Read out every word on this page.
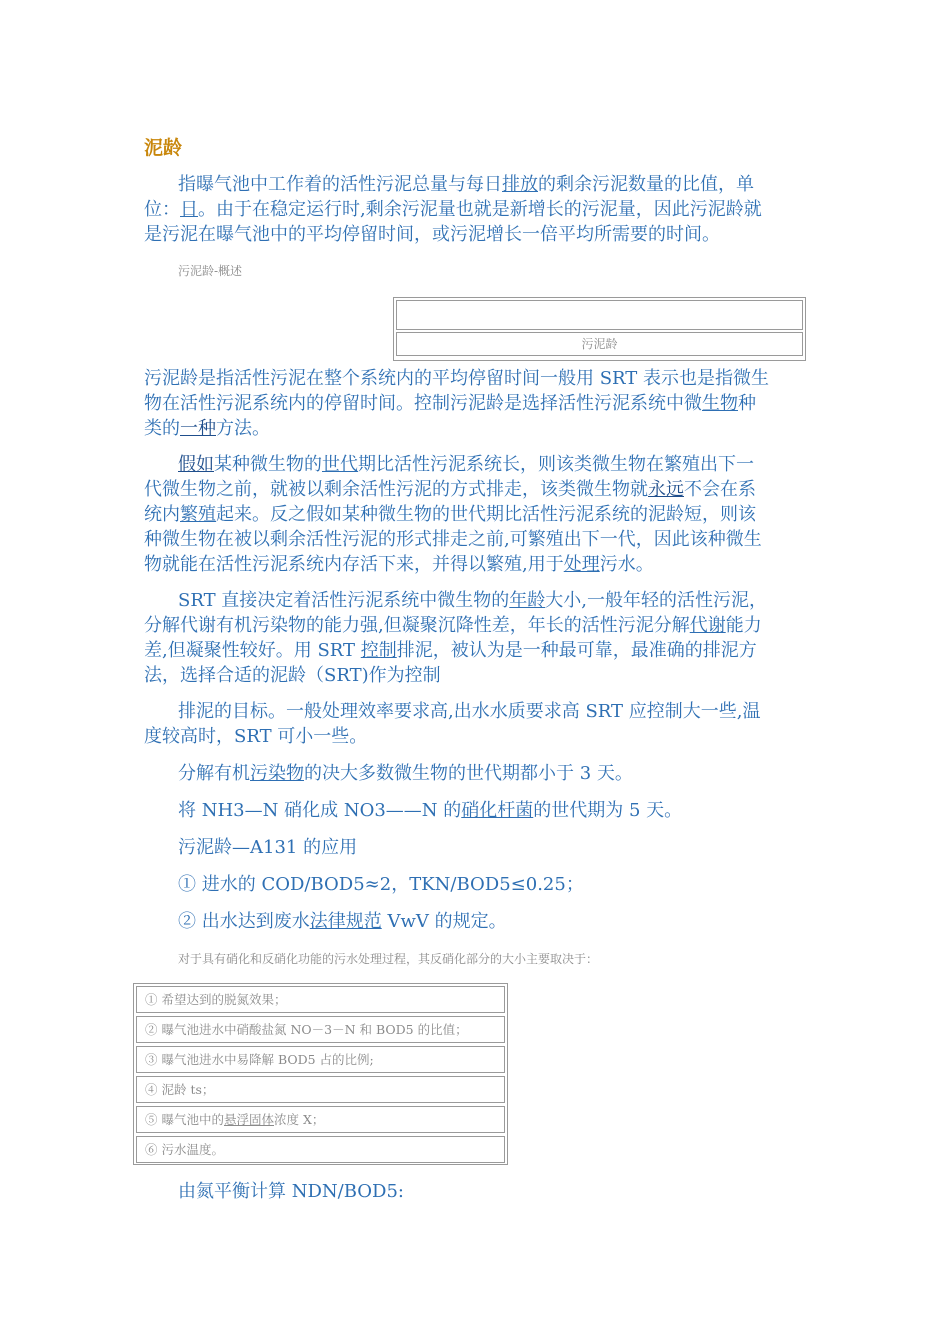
泥龄
指曝气池中工作着的活性污泥总量与每日排放的剩余污泥数量的比值，单
位：日。由于在稳定运行时,剩余污泥量也就是新增长的污泥量，因此污泥龄就
是污泥在曝气池中的平均停留时间，或污泥增长一倍平均所需要的时间。
污泥龄-概述
污泥龄
污泥龄是指活性污泥在整个系统内的平均停留时间一般用 SRT 表示也是指微生
物在活性污泥系统内的停留时间。控制污泥龄是选择活性污泥系统中微生物种
类的一种方法。
假如某种微生物的世代期比活性污泥系统长，则该类微生物在繁殖出下一
代微生物之前，就被以剩余活性污泥的方式排走，该类微生物就永远不会在系
统内繁殖起来。反之假如某种微生物的世代期比活性污泥系统的泥龄短，则该
种微生物在被以剩余活性污泥的形式排走之前,可繁殖出下一代，因此该种微生
物就能在活性污泥系统内存活下来，并得以繁殖,用于处理污水。
SRT 直接决定着活性污泥系统中微生物的年龄大小,一般年轻的活性污泥，
分解代谢有机污染物的能力强,但凝聚沉降性差，年长的活性污泥分解代谢能力
差,但凝聚性较好。用 SRT 控制排泥，被认为是一种最可靠，最准确的排泥方
法，选择合适的泥龄（SRT)作为控制
排泥的目标。一般处理效率要求高,出水水质要求高 SRT 应控制大一些,温
度较高时，SRT 可小一些。
分解有机污染物的决大多数微生物的世代期都小于 3 天。
将 NH3—N 硝化成 NO3——N 的硝化杆菌的世代期为 5 天。
污泥龄—A131 的应用
① 进水的 COD/BOD5≈2，TKN/BOD5≤0.25；
② 出水达到废水法律规范 VwV 的规定。
对于具有硝化和反硝化功能的污水处理过程，其反硝化部分的大小主要取决于：
① 希望达到的脱氮效果；
② 曝气池进水中硝酸盐氮 NO－3－N 和 BOD5 的比值；
③ 曝气池进水中易降解 BOD5 占的比例;
④ 泥龄 ts；
⑤ 曝气池中的悬浮固体浓度 X；
⑥ 污水温度。
由氮平衡计算 NDN/BOD5:
